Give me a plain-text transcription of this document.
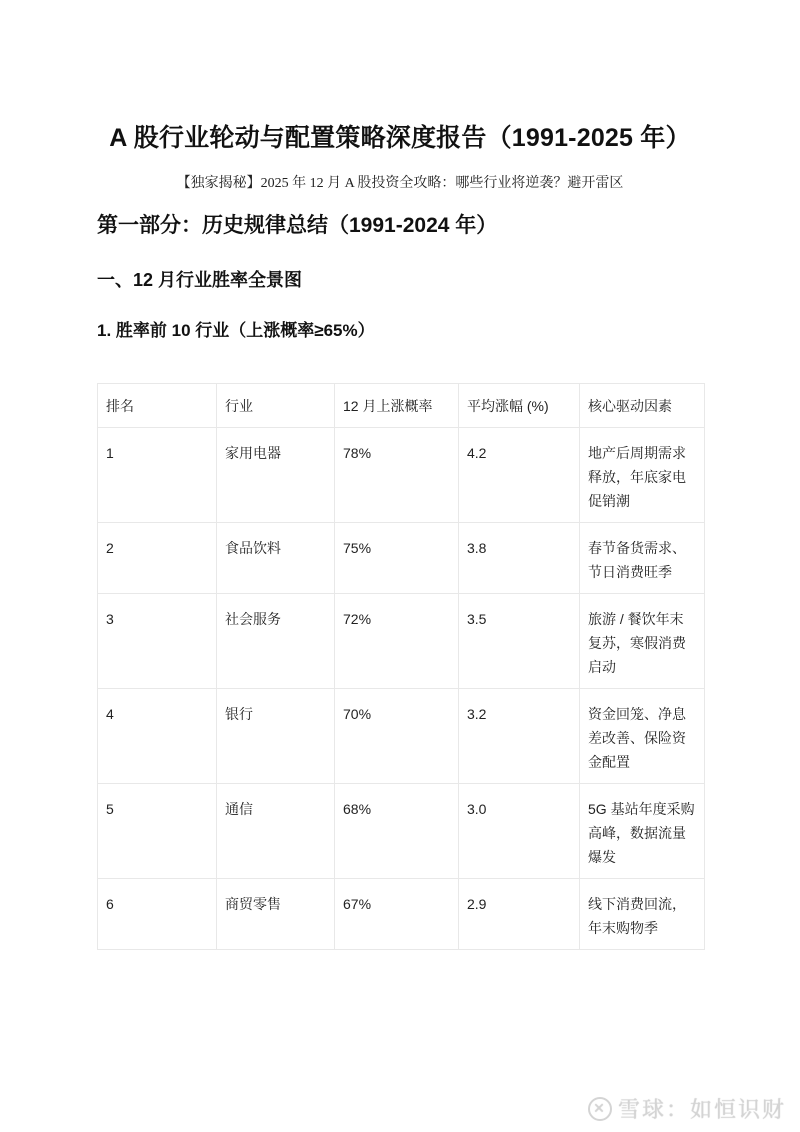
A 股行业轮动与配置策略深度报告（1991-2025 年）

【独家揭秘】2025 年 12 月 A 股投资全攻略：哪些行业将逆袭？避开雷区

第一部分：历史规律总结（1991-2024 年）
一、12 月行业胜率全景图
1. 胜率前 10 行业（上涨概率≥65%）
排名	行业	12 月上涨概率	平均涨幅 (%)	核心驱动因素
1	家用电器	78%	4.2	地产后周期需求释放，年底家电促销潮
2	食品饮料	75%	3.8	春节备货需求、节日消费旺季
3	社会服务	72%	3.5	旅游 / 餐饮年末复苏，寒假消费启动
4	银行	70%	3.2	资金回笼、净息差改善、保险资金配置
5	通信	68%	3.0	5G 基站年度采购高峰，数据流量爆发
6	商贸零售	67%	2.9	线下消费回流，年末购物季
✕ 雪球：如恒识财
